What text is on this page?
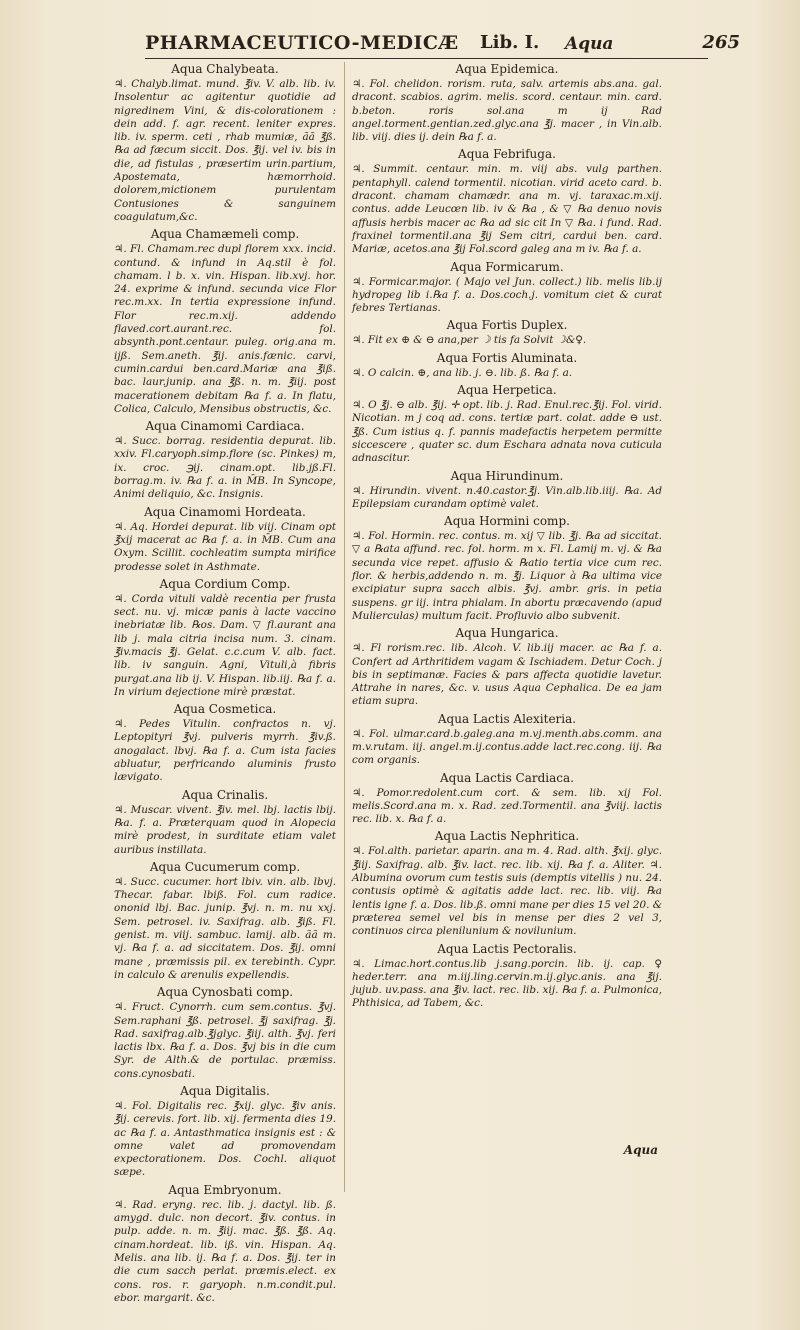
PHARMACEUTICO-MEDICÆ Lib. I. Aqua	265
Aqua Chalybeata.

♃. Chalyb.limat. mund. ℥iv. V. alb. lib. iv. Insolentur ac agitentur quotidie ad nigredinem Vini, & dis-colorationem : dein add. f. agr. recent. leniter expres. lib. iv. sperm. ceti , rhab mumiæ, ãã ℥ß. ℞a ad fæcum siccit. Dos. ℥ij. vel iv. bis in die, ad fistulas , præsertim urin.partium, Apostemata, hæmorrhoid. dolorem,mictionem purulentam Contusiones & sanguinem coagulatum,&c.

Aqua Chamæmeli comp.

♃. Fl. Chamam.rec dupl florem xxx. incid. contund. & infund in Aq.stil è fol. chamam. l b. x. vin. Hispan. lib.xvj. hor. 24. exprime & infund. secunda vice Flor rec.m.xx. In tertia expressione infund. Flor rec.m.xij. addendo flaved.cort.aurant.rec. fol. absynth.pont.centaur. puleg. orig.ana m. ijß. Sem.aneth. ℥ij. anis.fænic. carvi, cumin.cardui ben.card.Mariæ ana ℥iß. bac. laur.junip. ana ℥ß. n. m. ℥iij. post macerationem debitam ℞a f. a. In flatu, Colica, Calculo, Mensibus obstructis, &c.

Aqua Cinamomi Cardiaca.

♃. Succ. borrag. residentia depurat. lib. xxiv. Fl.caryoph.simp.flore (sc. Pinkes) m, ix. croc. ℈ij. cinam.opt. lib.jß.Fl. borrag.m. iv. ℞a f. a. in M̄B. In Syncope, Animi deliquio, &c. Insignis.

Aqua Cinamomi Hordeata.

♃. Aq. Hordei depurat. lib viij. Cinam opt ℥xij macerat ac ℞a f. a. in M̄B. Cum ana Oxym. Scillit. cochleatim sumpta mirifice prodesse solet in Asthmate.

Aqua Cordium Comp.

♃. Corda vituli valdè recentia per frusta sect. nu. vj. micæ panis à lacte vaccino inebriatæ lib. ℞os. Dam. ▽ fl.aurant ana lib j. mala citria incisa num. 3. cinam. ℥iv.macis ℥j. Gelat. c.c.cum V. alb. fact. lib. iv sanguin. Agni, Vituli,à fibris purgat.ana lib ij. V. Hispan. lib.iij. ℞a f. a. In virium dejectione mirè præstat.

Aqua Cosmetica.

♃. Pedes Vitulin. confractos n. vj. Leptopityri ℥vj. pulveris myrrh. ℥iv.ß. anogalact. lbvj. ℞a f. a. Cum ista facies abluatur, perfricando aluminis frusto lævigato.

Aqua Crinalis.

♃. Muscar. vivent. ℥iv. mel. lbj. lactis lbij. ℞a. f. a. Præterquam quod in Alopecia mirè prodest, in surditate etiam valet auribus instillata.

Aqua Cucumerum comp.

♃. Succ. cucumer. hort lbiv. vin. alb. lbvj. Thecar. fabar. lbiß. Fol. cum radice. ononid lbj. Bac. junip. ℥vj. n. m. nu xxj. Sem. petrosel. iv. Saxifrag. alb. ℥iß. Fl. genist. m. viij. sambuc. lamij. alb. ãã m. vj. ℞a f. a. ad siccitatem. Dos. ℥ij. omni mane , præmissis pil. ex terebinth. Cypr. in calculo & arenulis expellendis.

Aqua Cynosbati comp.

♃. Fruct. Cynorrh. cum sem.contus. ℥vj. Sem.raphani ℥ß. petrosel. ℥j saxifrag. ℥j. Rad. saxifrag.alb.℥jglyc. ℥iij. alth. ℥vj. feri lactis lbx. ℞a f. a. Dos. ℥vj bis in die cum Syr. de Alth.& de portulac. præmiss. cons.cynosbati.

Aqua Digitalis.

♃. Fol. Digitalis rec. ℥xij. glyc. ℥iv anis. ℥ij. cerevis. fort. lib. xij. fermenta dies 19. ac ℞a f. a. Antasthmatica insignis est : & omne valet ad promovendam expectorationem. Dos. Cochl. aliquot sæpe.

Aqua Embryonum.

♃. Rad. eryng. rec. lib. j. dactyl. lib. ß. amygd. dulc. non decort. ℥iv. contus. in pulp. adde. n. m. ℥iij. mac. ℥ß. ℥ß. Aq. cinam.hordeat. lib. iß. vin. Hispan. Aq. Melis. ana lib. ij. ℞a f. a. Dos. ℥ij. ter in die cum sacch perlat. præmis.elect. ex cons. ros. r. garyoph. n.m.condit.pul. ebor. margarit. &c.

Aqua Epidemica.

♃. Fol. chelidon. rorism. ruta, salv. artemis abs.ana. gal. dracont. scabios. agrim. melis. scord. centaur. min. card. b.beton. roris sol.ana m ij Rad angel.torment.gentian.zed.glyc.ana ℥j. macer , in Vin.alb. lib. viij. dies ij. dein ℞a f. a.

Aqua Febrifuga.

♃. Summit. centaur. min. m. viij abs. vulg parthen. pentaphyll. calend tormentil. nicotian. virid aceto card. b. dracont. chamam chamædr. ana m. vj. taraxac.m.xij. contus. adde Leucœn lib. iv & ℞a , & ▽ ℞a denuo novis affusis herbis macer ac ℞a ad sic cit In ▽ ℞a. i fund. Rad. fraxinel tormentil.ana ℥ij Sem citri, cardui ben. card. Mariæ, acetos.ana ℥ij Fol.scord galeg ana m iv. ℞a f. a.

Aqua Formicarum.

♃. Formicar.major. ( Majo vel Jun. collect.) lib. melis lib.ij hydropeg lib i.℞a f. a. Dos.coch.j. vomitum ciet & curat febres Tertianas.

Aqua Fortis Duplex.

♃. Fit ex ⊕ & ⊖ ana,per ☽ tis fa Solvit ☽&♀.

Aqua Fortis Aluminata.

♃. O calcin. ⊕, ana lib. j. ⊖. lib. ß. ℞a f. a.

Aqua Herpetica.

♃. O ℥j. ⊖ alb. ℥ij. ✛ opt. lib. j. Rad. Enul.rec.℥ij. Fol. virid. Nicotian. m j coq ad. cons. tertiæ part. colat. adde ⊖ ust. ℥ß. Cum istius q. f. pannis madefactis herpetem permitte siccescere , quater sc. dum Eschara adnata nova cuticula adnascitur.

Aqua Hirundinum.

♃. Hirundin. vivent. n.40.castor.℥j. Vin.alb.lib.iiij. ℞a. Ad Epilepsiam curandam optimè valet.

Aqua Hormini comp.

♃. Fol. Hormin. rec. contus. m. xij ▽ lib. ℥j. ℞a ad siccitat. ▽ a ℞ata affund. rec. fol. horm. m x. Fl. Lamij m. vj. & ℞a secunda vice repet. affusio & ℞atio tertia vice cum rec. flor. & herbis,addendo n. m. ℥j. Liquor à ℞a ultima vice excipiatur supra sacch albis. ℥vj. ambr. gris. in petia suspens. gr iij. intra phialam. In abortu præcavendo (apud Mulierculas) multum facit. Profluvio albo subvenit.

Aqua Hungarica.

♃. Fl rorism.rec. lib. Alcoh. V. lib.iij macer. ac ℞a f. a. Confert ad Arthritidem vagam & Ischiadem. Detur Coch. j bis in septimanæ. Facies & pars affecta quotidie lavetur. Attrahe in nares, &c. v. usus Aqua Cephalica. De ea jam etiam supra.

Aqua Lactis Alexiteria.

♃. Fol. ulmar.card.b.galeg.ana m.vj.menth.abs.comm. ana m.v.rutam. iij. angel.m.ij.contus.adde lact.rec.cong. iij. ℞a com organis.

Aqua Lactis Cardiaca.

♃. Pomor.redolent.cum cort. & sem. lib. xij Fol. melis.Scord.ana m. x. Rad. zed.Tormentil. ana ℥viij. lactis rec. lib. x. ℞a f. a.

Aqua Lactis Nephritica.

♃. Fol.alth. parietar. aparin. ana m. 4. Rad. alth. ℥xij. glyc. ℥iij. Saxifrag. alb. ℥iv. lact. rec. lib. xij. ℞a f. a. Aliter. ♃. Albumina ovorum cum testis suis (demptis vitellis ) nu. 24. contusis optimè & agitatis adde lact. rec. lib. viij. ℞a lentis igne f. a. Dos. lib.ß. omni mane per dies 15 vel 20. & præterea semel vel bis in mense per dies 2 vel 3, continuos circa plenilunium & novilunium.

Aqua Lactis Pectoralis.

♃. Limac.hort.contus.lib j.sang.porcin. lib. ij. cap. ♀ heder.terr. ana m.iij.ling.cervin.m.ij.glyc.anis. ana ℥ij. jujub. uv.pass. ana ℥iv. lact. rec. lib. xij. ℞a f. a. Pulmonica, Phthisica, ad Tabem, &c.

Aqua
